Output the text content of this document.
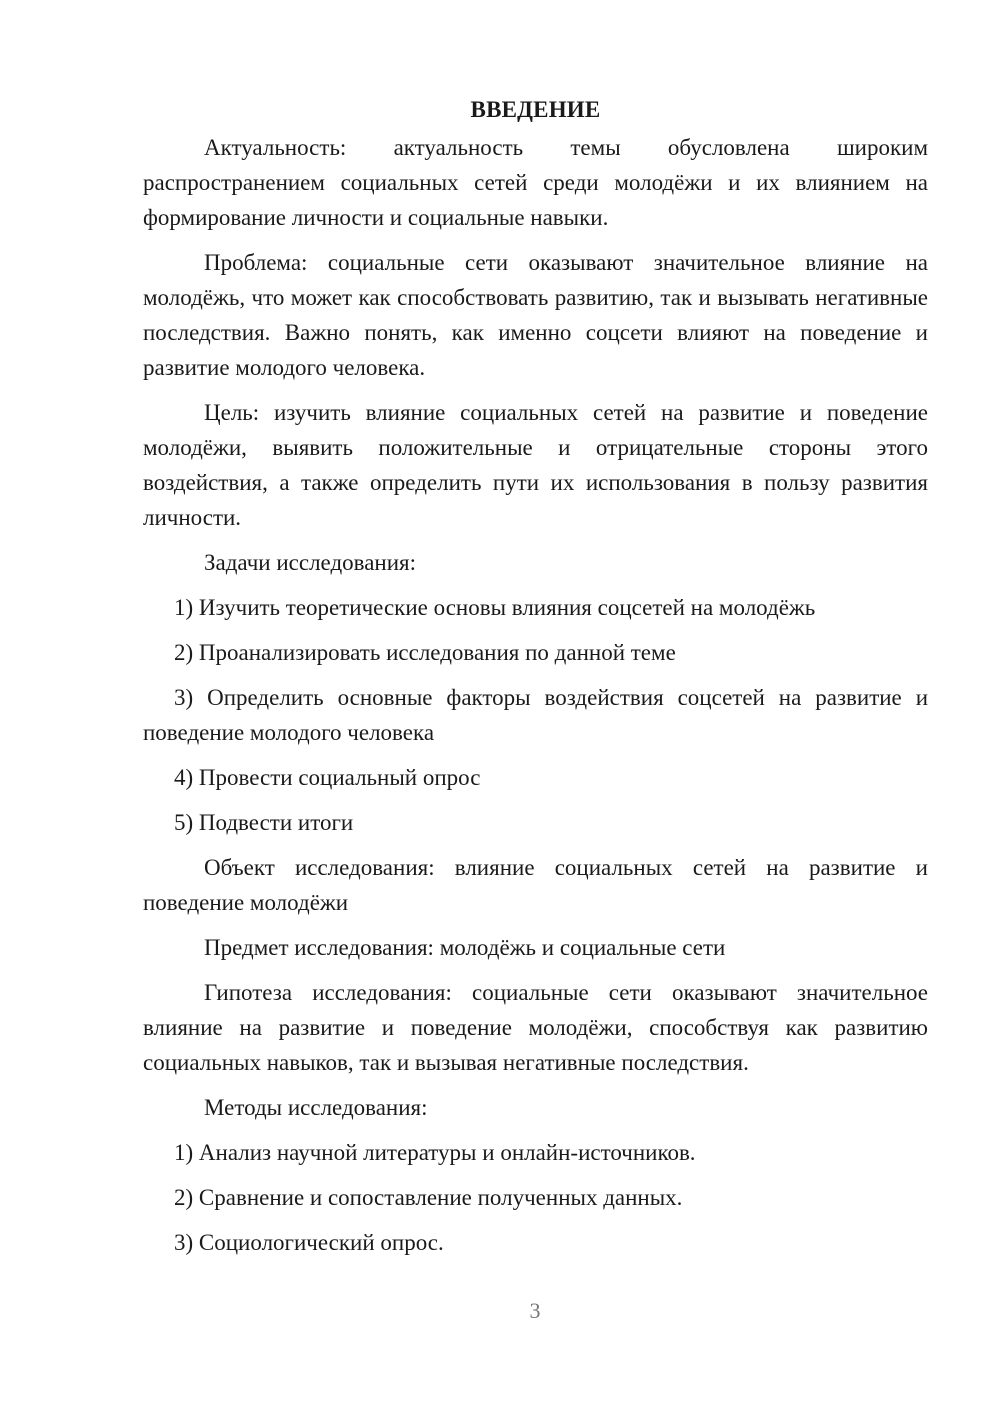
ВВЕДЕНИЕ

Актуальность: актуальность темы обусловлена широким распространением социальных сетей среди молодёжи и их влиянием на формирование личности и социальные навыки.

Проблема: социальные сети оказывают значительное влияние на молодёжь, что может как способствовать развитию, так и вызывать негативные последствия. Важно понять, как именно соцсети влияют на поведение и развитие молодого человека.

Цель: изучить влияние социальных сетей на развитие и поведение молодёжи, выявить положительные и отрицательные стороны этого воздействия, а также определить пути их использования в пользу развития личности.

Задачи исследования:

1) Изучить теоретические основы влияния соцсетей на молодёжь

2) Проанализировать исследования по данной теме

3) Определить основные факторы воздействия соцсетей на развитие и поведение молодого человека

4) Провести социальный опрос

5) Подвести итоги

Объект исследования: влияние социальных сетей на развитие и поведение молодёжи

Предмет исследования: молодёжь и социальные сети

Гипотеза исследования: социальные сети оказывают значительное влияние на развитие и поведение молодёжи, способствуя как развитию социальных навыков, так и вызывая негативные последствия.

Методы исследования:

1) Анализ научной литературы и онлайн-источников.

2) Сравнение и сопоставление полученных данных.

3) Социологический опрос.

3
